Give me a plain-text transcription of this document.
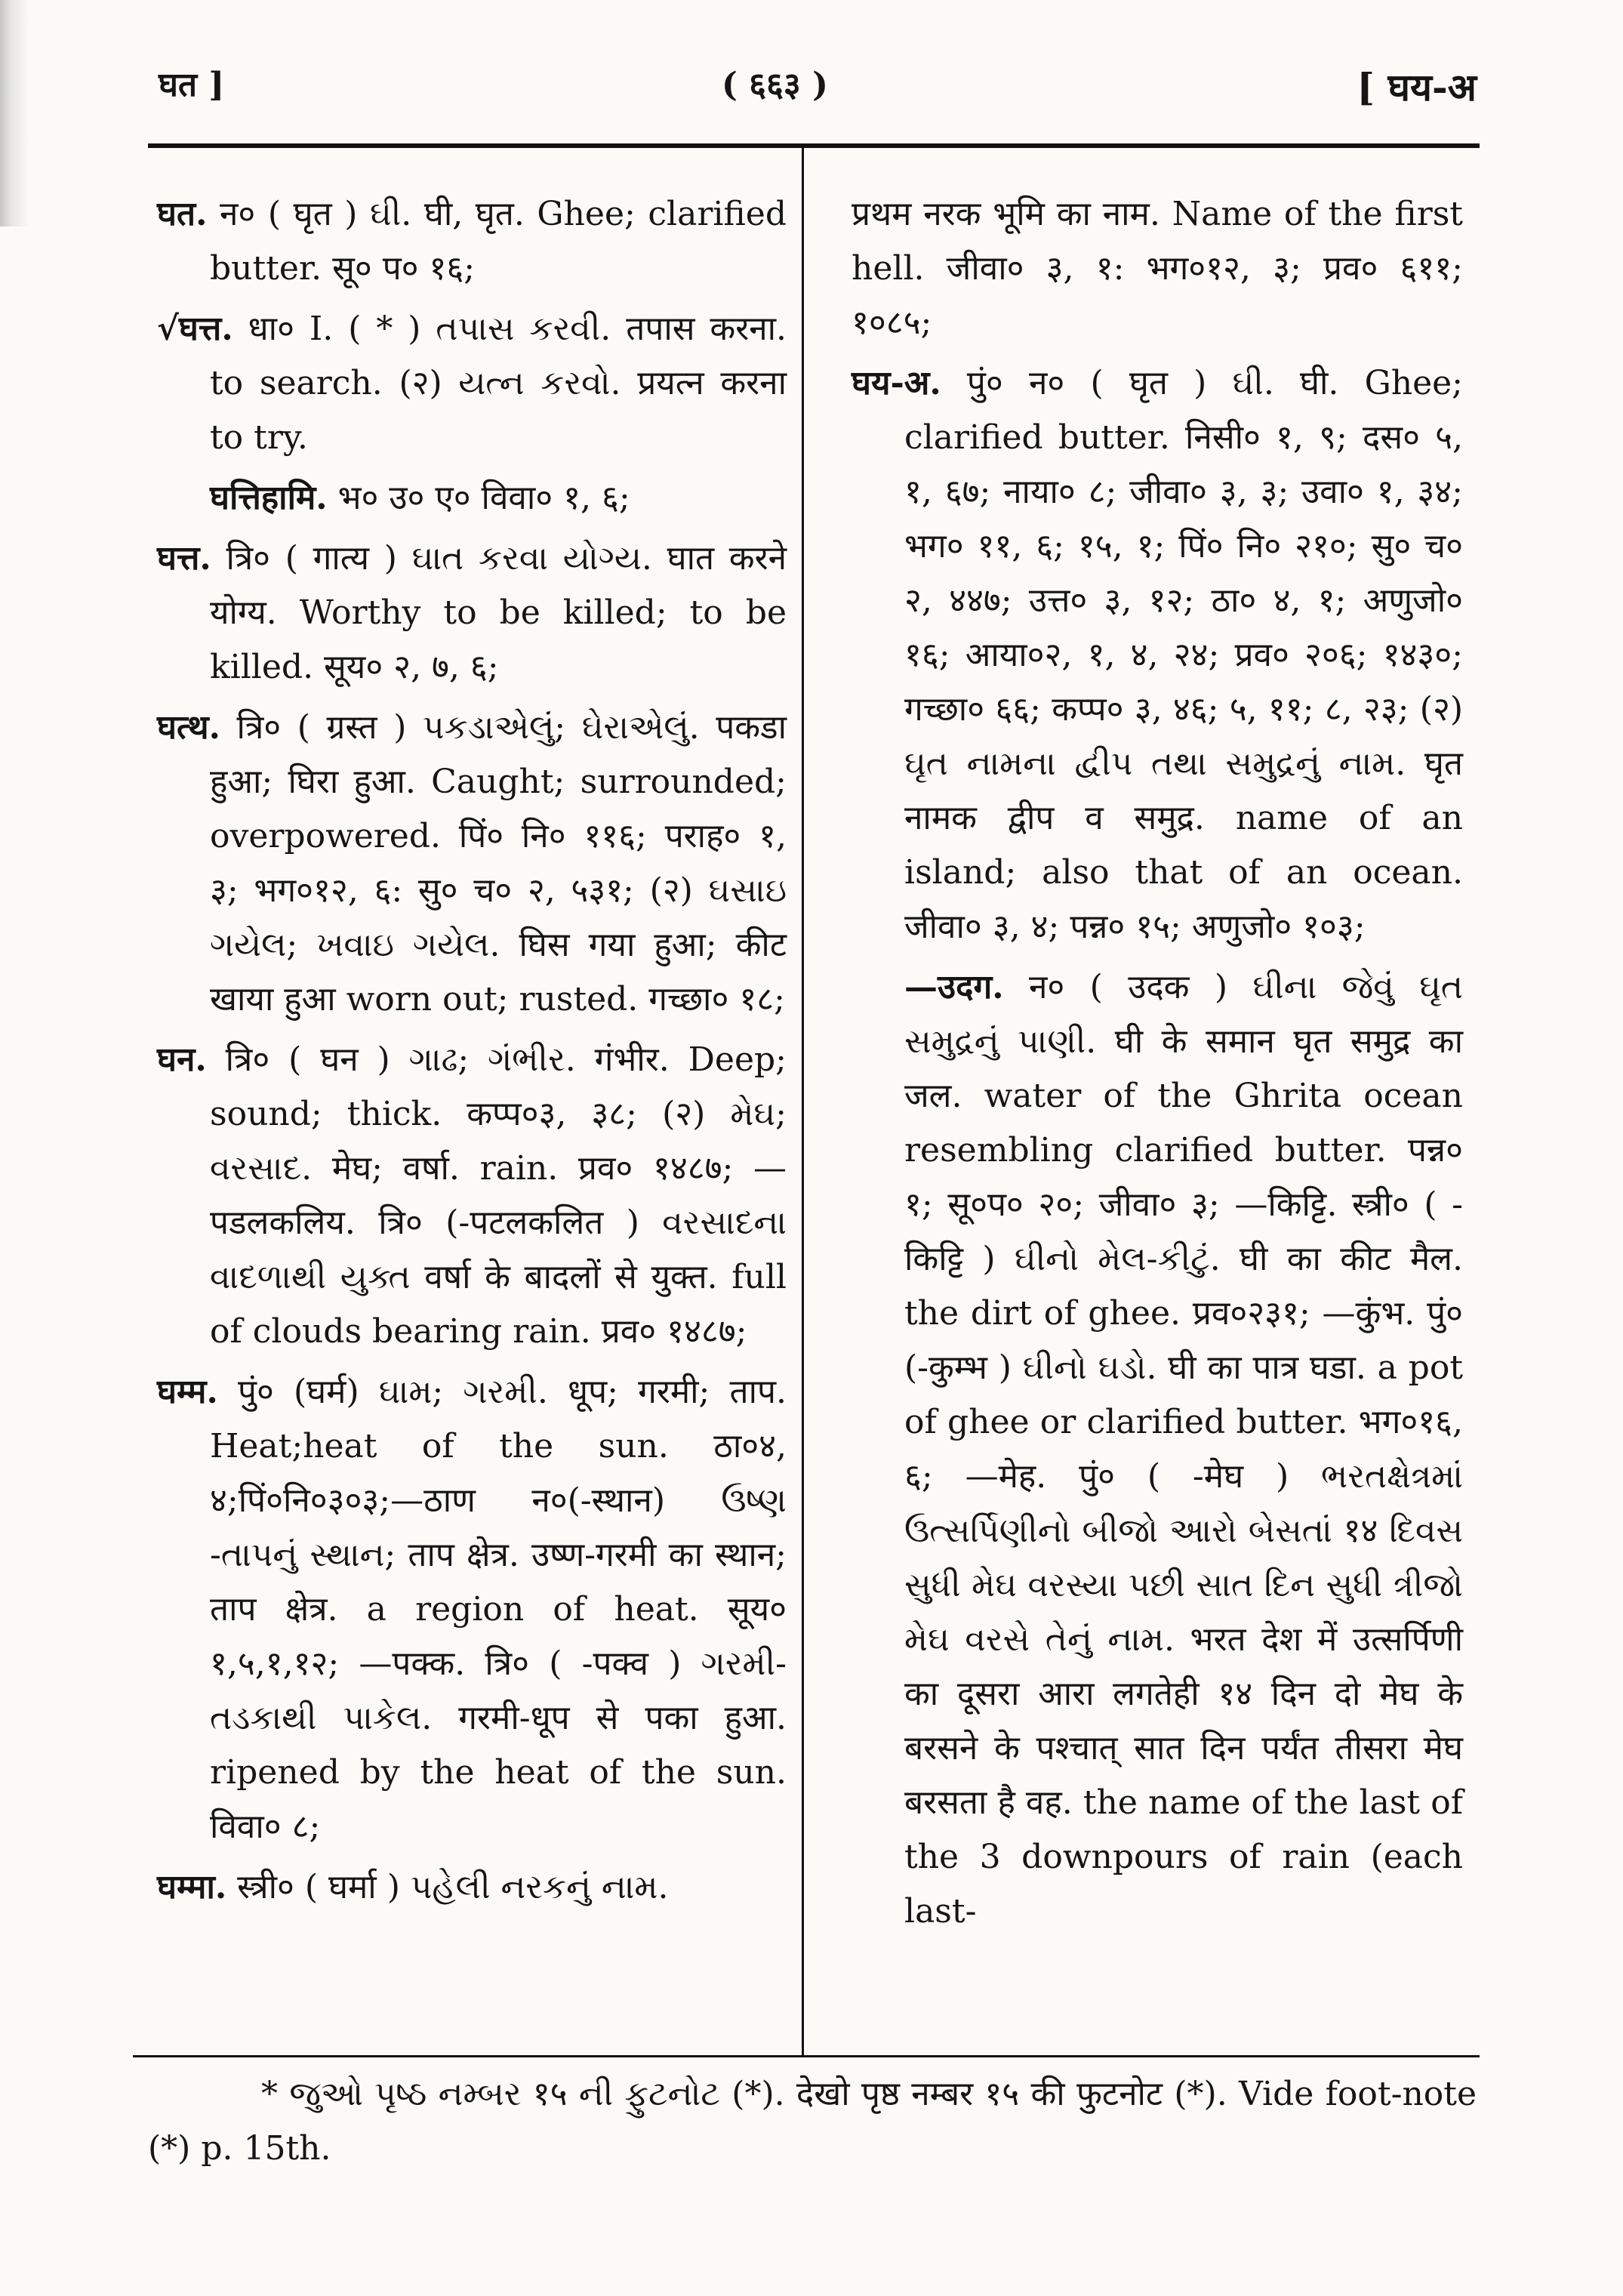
घत ]	( ६६३ )	[ घय-अ
घत. न० ( घृत ) ઘી. घी, घृत. Ghee; clarified butter. सू० प० १६;
√घत्त. धा० I. ( * ) તપાસ કરવી. तपास करना. to search. (२) યત્ન કરવો. प्रयत्न करना to try.
घत्तिहामि. भ० उ० ए० विवा० १, ६;
घत्त. त्रि० ( गात्य ) ઘાત કરવા યોગ્ય. घात करने योग्य. Worthy to be killed; to be killed. सूय० २, ७, ६;
घत्थ. त्रि० ( ग्रस्त ) પકડાએલું; ઘેરાએલું. पकडा हुआ; घिरा हुआ. Caught; surrounded; overpowered. पिं० नि० ११६; पराह० १, ३; भग०१२, ६: सु० च० २, ५३१; (२) ઘસાઇ ગયેલ; ખવાઇ ગયેલ. घिस गया हुआ; कीट खाया हुआ worn out; rusted. गच्छा० १८;
घन. त्रि० ( घन ) ગાઢ; ગંભીર. गंभीर. Deep; sound; thick. कप्प०३, ३८; (२) મેઘ; વરસાદ. मेघ; वर्षा. rain. प्रव० १४८७; —पडलकलिय. त्रि० (-पटलकलित ) વરસાદના વાદળાથી યુક્ત वर्षा के बादलों से युक्त. full of clouds bearing rain. प्रव० १४८७;
घम्म. पुं० (घर्म) ઘામ; ગરમી. धूप; गरमी; ताप. Heat;heat of the sun. ठा०४, ४;पिं०नि०३०३;—ठाण न०(-स्थान) ઉષ્ણ -તાપનું સ્થાન; ताप क्षेत्र. उष्ण-गरमी का स्थान; ताप क्षेत्र. a region of heat. सूय० १,५,१,१२; —पक्क. त्रि० ( -पक्व ) ગરમી-તડકાથી પાકેલ. गरमी-धूप से पका हुआ. ripened by the heat of the sun. विवा० ८;
घम्मा. स्त्री० ( घर्मा ) પહેલી નરકનું નામ.
प्रथम नरक भूमि का नाम. Name of the first hell. जीवा० ३, १: भग०१२, ३; प्रव० ६११; १०८५;
घय-अ. पुं० न० ( घृत ) ઘી. घी. Ghee; clarified butter. निसी० १, ९; दस० ५, १, ६७; नाया० ८; जीवा० ३, ३; उवा० १, ३४; भग० ११, ६; १५, १; पिं० नि० २१०; सु० च० २, ४४७; उत्त० ३, १२; ठा० ४, १; अणुजो० १६; आया०२, १, ४, २४; प्रव० २०६; १४३०; गच्छा० ६६; कप्प० ३, ४६; ५, ११; ८, २३; (२) ઘૃત નામના દ્વીપ તથા સમુદ્રનું નામ. घृत नामक द्वीप व समुद्र. name of an island; also that of an ocean. जीवा० ३, ४; पन्न० १५; अणुजो० १०३;
—उदग. न० ( उदक ) ઘીના જેવું ઘૃત સમુદ્રનું પાણી. घी के समान घृत समुद्र का जल. water of the Ghrita ocean resembling clarified butter. पन्न० १; सू०प० २०; जीवा० ३; —किट्टि. स्त्री० ( -किट्टि ) ઘીનો મેલ-કીટું. घी का कीट मैल. the dirt of ghee. प्रव०२३१; —कुंभ. पुं० (-कुम्भ ) ઘીનો ઘડો. घी का पात्र घडा. a pot of ghee or clarified butter. भग०१६, ६; —मेह. पुं० ( -मेघ ) ભરતક્ષેત્રમાં ઉત્સર્પિણીનો બીજો આરો બેસતાં १४ દિવસ સુધી મેઘ વરસ્યા પછી સાત દિન સુધી ત્રીજો મેઘ વરસે તેનું નામ. भरत देश में उत्सर्पिणी का दूसरा आरा लगतेही १४ दिन दो मेघ के बरसने के पश्चात् सात दिन पर्यंत तीसरा मेघ बरसता है वह. the name of the last of the 3 downpours of rain (each last-
* જુઓ પૃષ્ઠ નમ્બર १५ ની ફુટનોટ (*). देखो पृष्ठ नम्बर १५ की फुटनोट (*). Vide foot-note (*) p. 15th.
